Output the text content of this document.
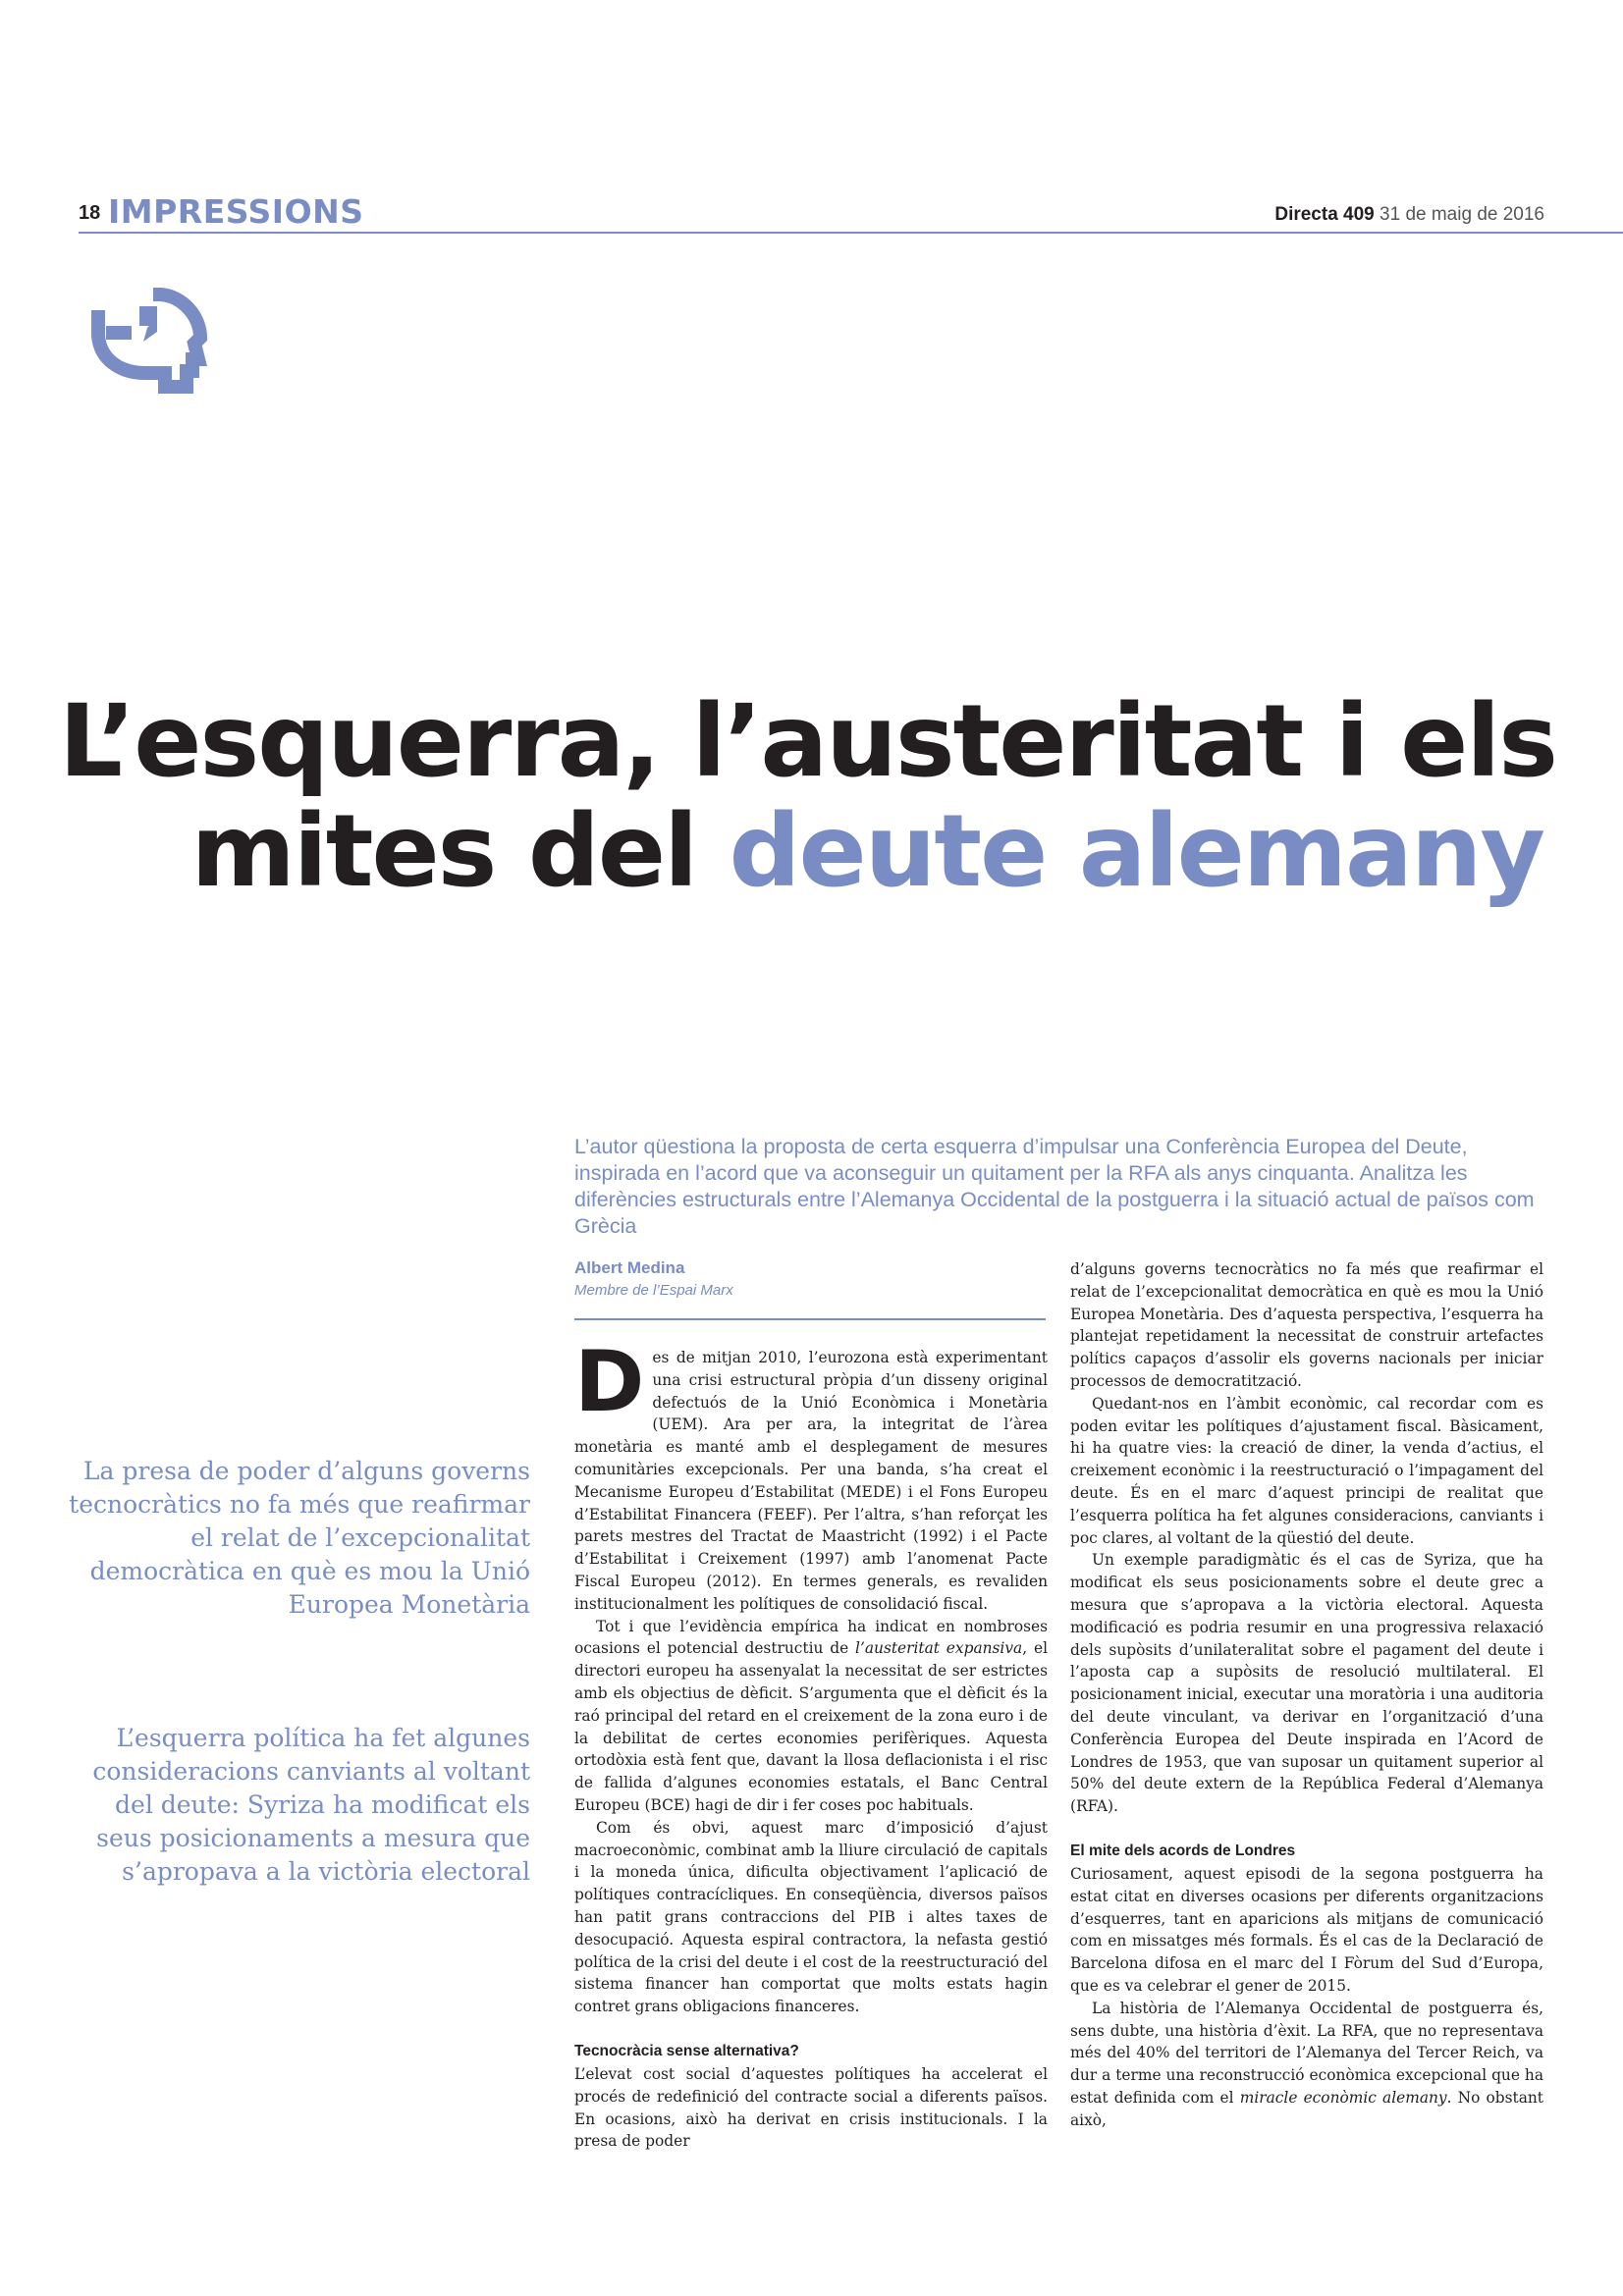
18 IMPRESSIONS	Directa 409 31 de maig de 2016
L’esquerra, l’austeritat i els
mites del deute alemany
L’autor qüestiona la proposta de certa esquerra d’impulsar una Conferència Europea del Deute, inspirada en l’acord que va aconseguir un quitament per la RFA als anys cinquanta. Analitza les diferències estructurals entre l’Alemanya Occidental de la postguerra i la situació actual de països com Grècia
La presa de poder d’alguns governs tecnocràtics no fa més que reafirmar el relat de l’excepcionalitat democràtica en què es mou la Unió Europea Monetària
L’esquerra política ha fet algunes consideracions canviants al voltant del deute: Syriza ha modificat els seus posicionaments a mesura que s’apropava a la victòria electoral
Albert Medina
Membre de l’Espai Marx

Des de mitjan 2010, l’eurozona està experimentant una crisi estructural pròpia d’un disseny original defectuós de la Unió Econòmica i Monetària (UEM). Ara per ara, la integritat de l’àrea monetària es manté amb el desplegament de mesures comunitàries excepcionals. Per una banda, s’ha creat el Mecanisme Europeu d’Estabilitat (MEDE) i el Fons Europeu d’Estabilitat Financera (FEEF). Per l’altra, s’han reforçat les parets mestres del Tractat de Maastricht (1992) i el Pacte d’Estabilitat i Creixement (1997) amb l’anomenat Pacte Fiscal Europeu (2012). En termes generals, es revaliden institucionalment les polítiques de consolidació fiscal.

Tot i que l’evidència empírica ha indicat en nombroses ocasions el potencial destructiu de l’austeritat expansiva, el directori europeu ha assenyalat la necessitat de ser estrictes amb els objectius de dèficit. S’argumenta que el dèficit és la raó principal del retard en el creixement de la zona euro i de la debilitat de certes economies perifèriques. Aquesta ortodòxia està fent que, davant la llosa deflacionista i el risc de fallida d’algunes economies estatals, el Banc Central Europeu (BCE) hagi de dir i fer coses poc habituals.

Com és obvi, aquest marc d’imposició d’ajust macroeconòmic, combinat amb la lliure circulació de capitals i la moneda única, dificulta objectivament l’aplicació de polítiques contracícliques. En conseqüència, diversos països han patit grans contraccions del PIB i altes taxes de desocupació. Aquesta espiral contractora, la nefasta gestió política de la crisi del deute i el cost de la reestructuració del sistema financer han comportat que molts estats hagin contret grans obligacions financeres.

Tecnocràcia sense alternativa?

L’elevat cost social d’aquestes polítiques ha accelerat el procés de redefinició del contracte social a diferents països. En ocasions, això ha derivat en crisis institucionals. I la presa de poder

d’alguns governs tecnocràtics no fa més que reafirmar el relat de l’excepcionalitat democràtica en què es mou la Unió Europea Monetària. Des d’aquesta perspectiva, l’esquerra ha plantejat repetidament la necessitat de construir artefactes polítics capaços d’assolir els governs nacionals per iniciar processos de democratització.

Quedant-nos en l’àmbit econòmic, cal recordar com es poden evitar les polítiques d’ajustament fiscal. Bàsicament, hi ha quatre vies: la creació de diner, la venda d’actius, el creixement econòmic i la reestructuració o l’impagament del deute. És en el marc d’aquest principi de realitat que l’esquerra política ha fet algunes consideracions, canviants i poc clares, al voltant de la qüestió del deute.

Un exemple paradigmàtic és el cas de Syriza, que ha modificat els seus posicionaments sobre el deute grec a mesura que s’apropava a la victòria electoral. Aquesta modificació es podria resumir en una progressiva relaxació dels supòsits d’unilateralitat sobre el pagament del deute i l’aposta cap a supòsits de resolució multilateral. El posicionament inicial, executar una moratòria i una auditoria del deute vinculant, va derivar en l’organització d’una Conferència Europea del Deute inspirada en l’Acord de Londres de 1953, que van suposar un quitament superior al 50% del deute extern de la República Federal d’Alemanya (RFA).

El mite dels acords de Londres

Curiosament, aquest episodi de la segona postguerra ha estat citat en diverses ocasions per diferents organitzacions d’esquerres, tant en aparicions als mitjans de comunicació com en missatges més formals. És el cas de la Declaració de Barcelona difosa en el marc del I Fòrum del Sud d’Europa, que es va celebrar el gener de 2015.

La història de l’Alemanya Occidental de postguerra és, sens dubte, una història d’èxit. La RFA, que no representava més del 40% del territori de l’Alemanya del Tercer Reich, va dur a terme una reconstrucció econòmica excepcional que ha estat definida com el miracle econòmic alemany. No obstant això,
